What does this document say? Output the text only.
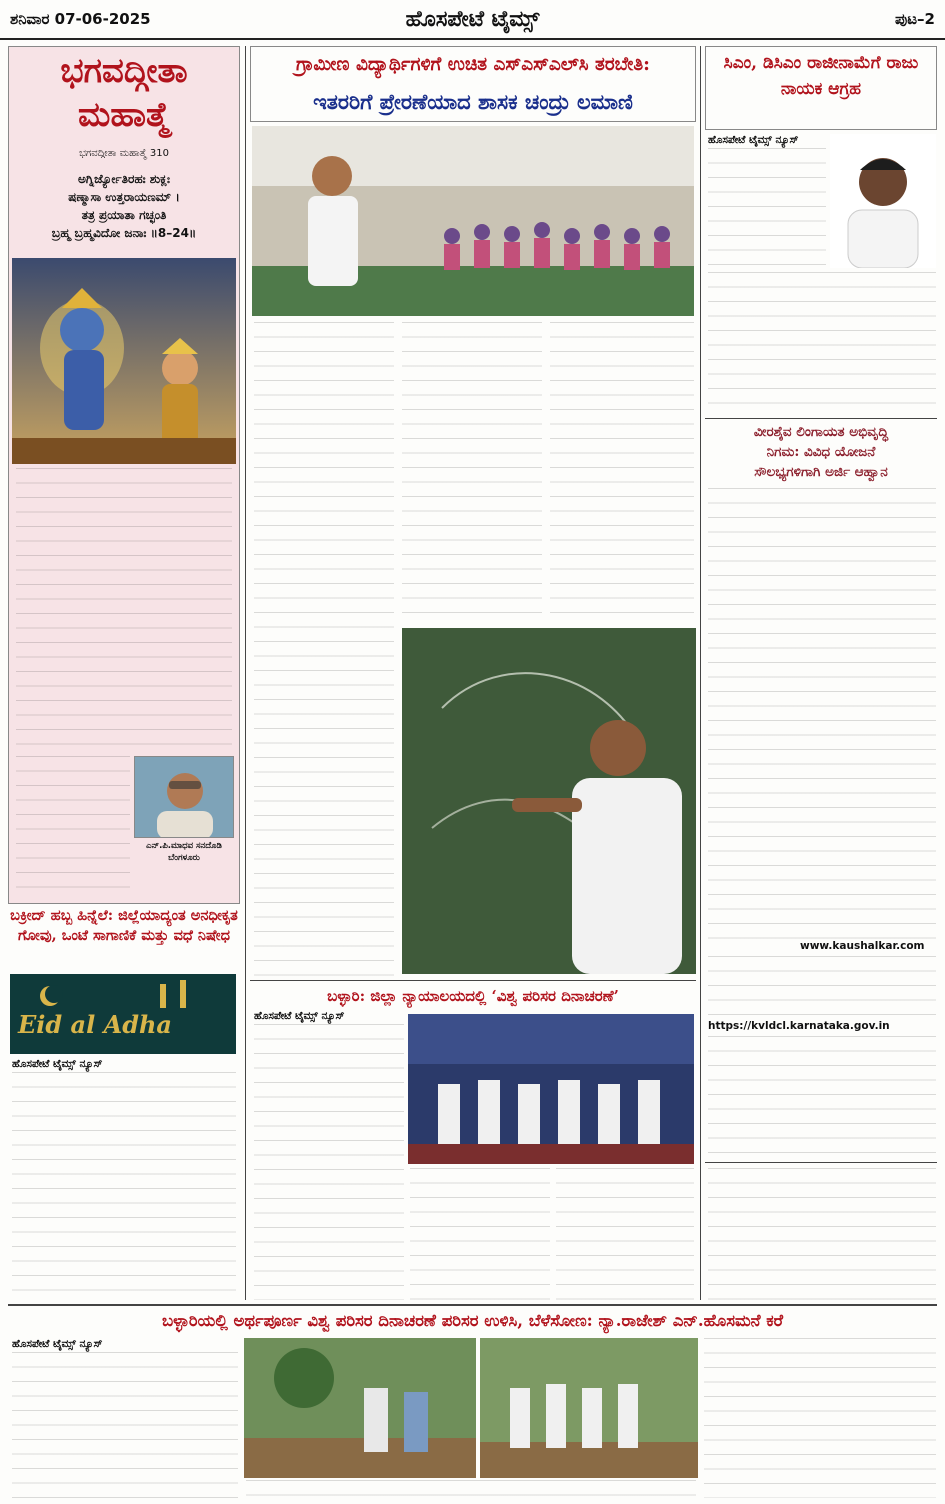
ಶನಿವಾರ 07-06-2025	ಹೊಸಪೇಟೆ ಟೈಮ್ಸ್	ಪುಟ–2
ಭಗವದ್ಗೀತಾ
ಮಹಾತ್ಮೆ
ಭಗವದ್ಗೀತಾ ಮಹಾತ್ಮೆ 310
ಅಗ್ನಿರ್ಜ್ಯೋತಿರಹಃ ಶುಕ್ಲಃ
ಷಣ್ಮಾಸಾ ಉತ್ತರಾಯಣಮ್ ।
ತತ್ರ ಪ್ರಯಾತಾ ಗಚ್ಛಂತಿ
ಬ್ರಹ್ಮ ಬ್ರಹ್ಮವಿದೋ ಜನಾಃ ॥8–24॥
ಎನ್.ಪಿ.ಮಾಧವ ಸನದೊಡಿ ಬೆಂಗಳೂರು
ಬಕ್ರೀದ್ ಹಬ್ಬ ಹಿನ್ನೆಲೆ: ಜಿಲ್ಲೆಯಾದ್ಯಂತ ಅನಧೀಕೃತ ಗೋವು, ಒಂಟೆ ಸಾಗಾಣಿಕೆ ಮತ್ತು ವಧೆ ನಿಷೇಧ
Eid al Adha
ಹೊಸಪೇಟೆ ಟೈಮ್ಸ್ ನ್ಯೂಸ್
ಗ್ರಾಮೀಣ ವಿದ್ಯಾರ್ಥಿಗಳಿಗೆ ಉಚಿತ ಎಸ್‌ಎಸ್‌ಎಲ್‌ಸಿ ತರಬೇತಿ:
ಇತರರಿಗೆ ಪ್ರೇರಣೆಯಾದ ಶಾಸಕ ಚಂದ್ರು ಲಮಾಣಿ
ಬಳ್ಳಾರಿ: ಜಿಲ್ಲಾ ನ್ಯಾಯಾಲಯದಲ್ಲಿ ‘ವಿಶ್ವ ಪರಿಸರ ದಿನಾಚರಣೆ’
ಹೊಸಪೇಟೆ ಟೈಮ್ಸ್ ನ್ಯೂಸ್
ಸಿಎಂ, ಡಿಸಿಎಂ ರಾಜೀನಾಮೆಗೆ ರಾಜು ನಾಯಕ ಆಗ್ರಹ
ಹೊಸಪೇಟೆ ಟೈಮ್ಸ್ ನ್ಯೂಸ್
ವೀರಶೈವ ಲಿಂಗಾಯತ ಅಭಿವೃದ್ಧಿ
ನಿಗಮ: ವಿವಿಧ ಯೋಜನೆ
ಸೌಲಭ್ಯಗಳಿಗಾಗಿ ಅರ್ಜಿ ಆಹ್ವಾನ
www.kaushalkar.com
https://kvldcl.karnataka.gov.in
ಬಳ್ಳಾರಿಯಲ್ಲಿ ಅರ್ಥಪೂರ್ಣ ವಿಶ್ವ ಪರಿಸರ ದಿನಾಚರಣೆ ಪರಿಸರ ಉಳಿಸಿ, ಬೆಳೆಸೋಣ: ನ್ಯಾ.ರಾಜೇಶ್ ಎನ್.ಹೊಸಮನೆ ಕರೆ
ಹೊಸಪೇಟೆ ಟೈಮ್ಸ್ ನ್ಯೂಸ್
